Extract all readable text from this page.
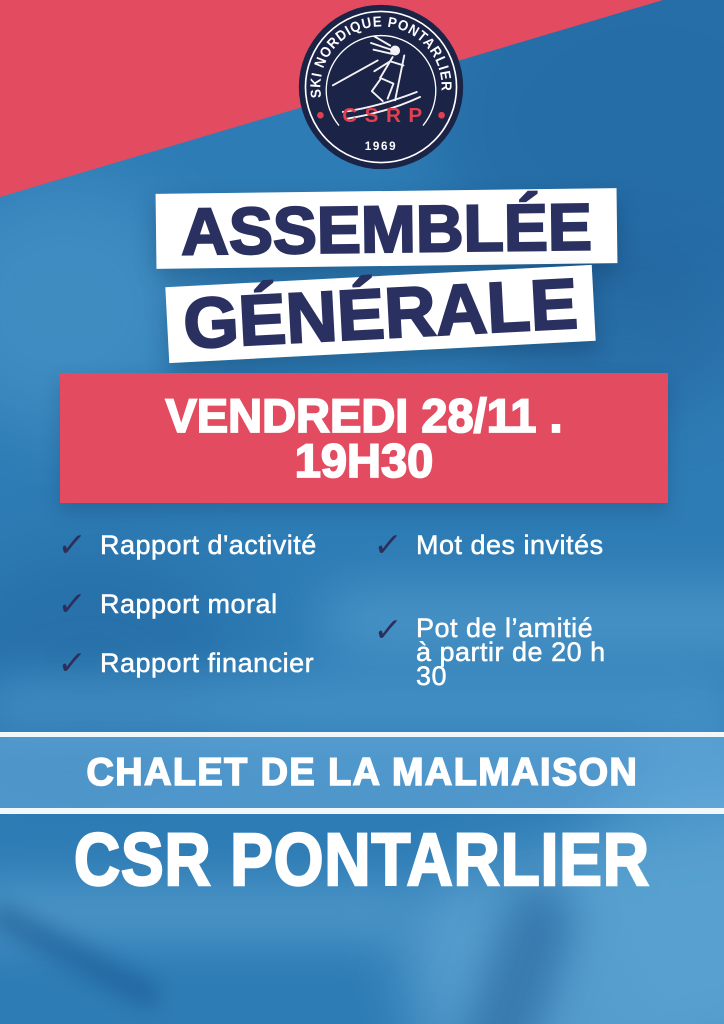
SKI NORDIQUE PONTARLIER
CSRP
1969
ASSEMBLÉE
GÉNÉRALE
VENDREDI 28/11 .
19H30
✓ Rapport d'activité
✓ Rapport moral
✓ Rapport financier
✓ Mot des invités
✓ Pot de l’amitié
à partir de 20 h
30
CHALET DE LA MALMAISON
CSR PONTARLIER
